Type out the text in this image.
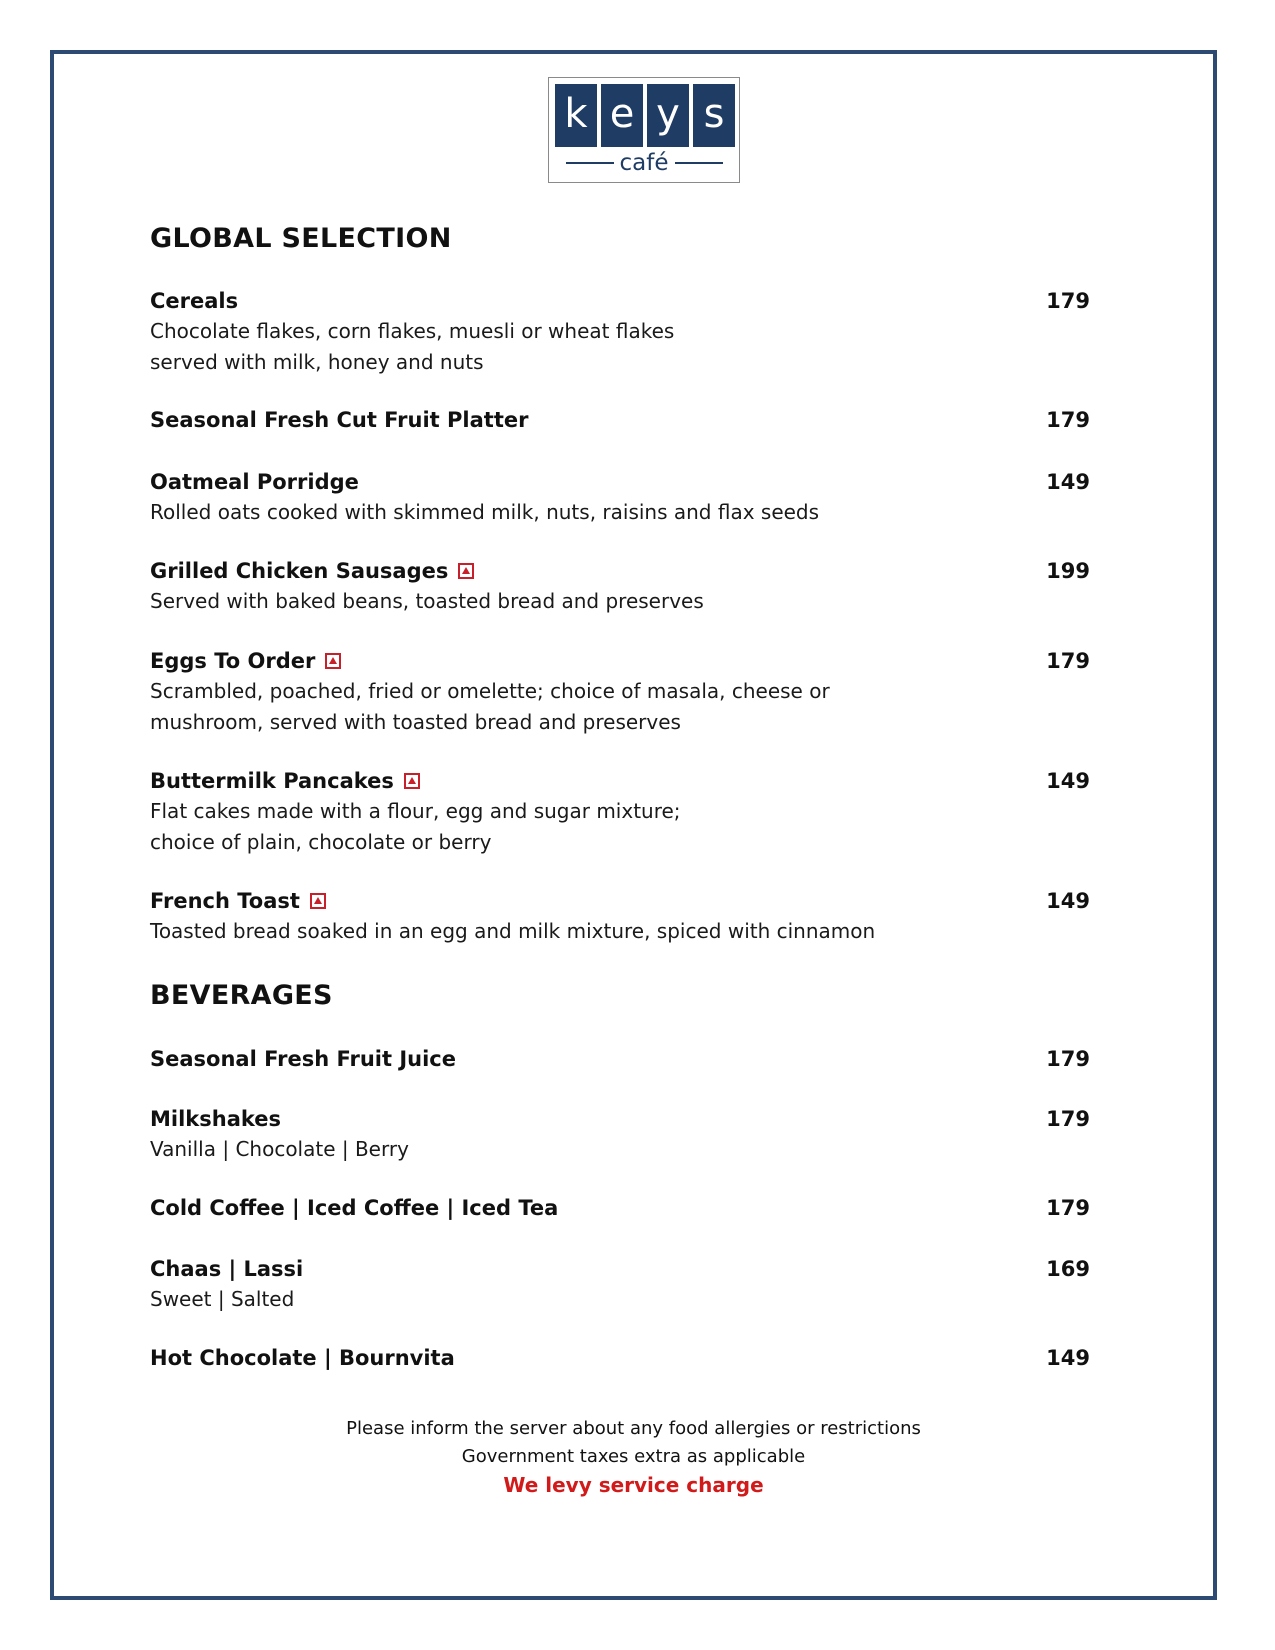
k e y s
café
GLOBAL SELECTION
Cereals	179
Chocolate flakes, corn flakes, muesli or wheat flakes
served with milk, honey and nuts
Seasonal Fresh Cut Fruit Platter	179
Oatmeal Porridge	149
Rolled oats cooked with skimmed milk, nuts, raisins and flax seeds
Grilled Chicken Sausages	199
Served with baked beans, toasted bread and preserves
Eggs To Order	179
Scrambled, poached, fried or omelette; choice of masala, cheese or
mushroom, served with toasted bread and preserves
Buttermilk Pancakes	149
Flat cakes made with a flour, egg and sugar mixture;
choice of plain, chocolate or berry
French Toast	149
Toasted bread soaked in an egg and milk mixture, spiced with cinnamon
BEVERAGES
Seasonal Fresh Fruit Juice	179
Milkshakes	179
Vanilla | Chocolate | Berry
Cold Coffee | Iced Coffee | Iced Tea	179
Chaas | Lassi	169
Sweet | Salted
Hot Chocolate | Bournvita	149
Please inform the server about any food allergies or restrictions
Government taxes extra as applicable
We levy service charge
